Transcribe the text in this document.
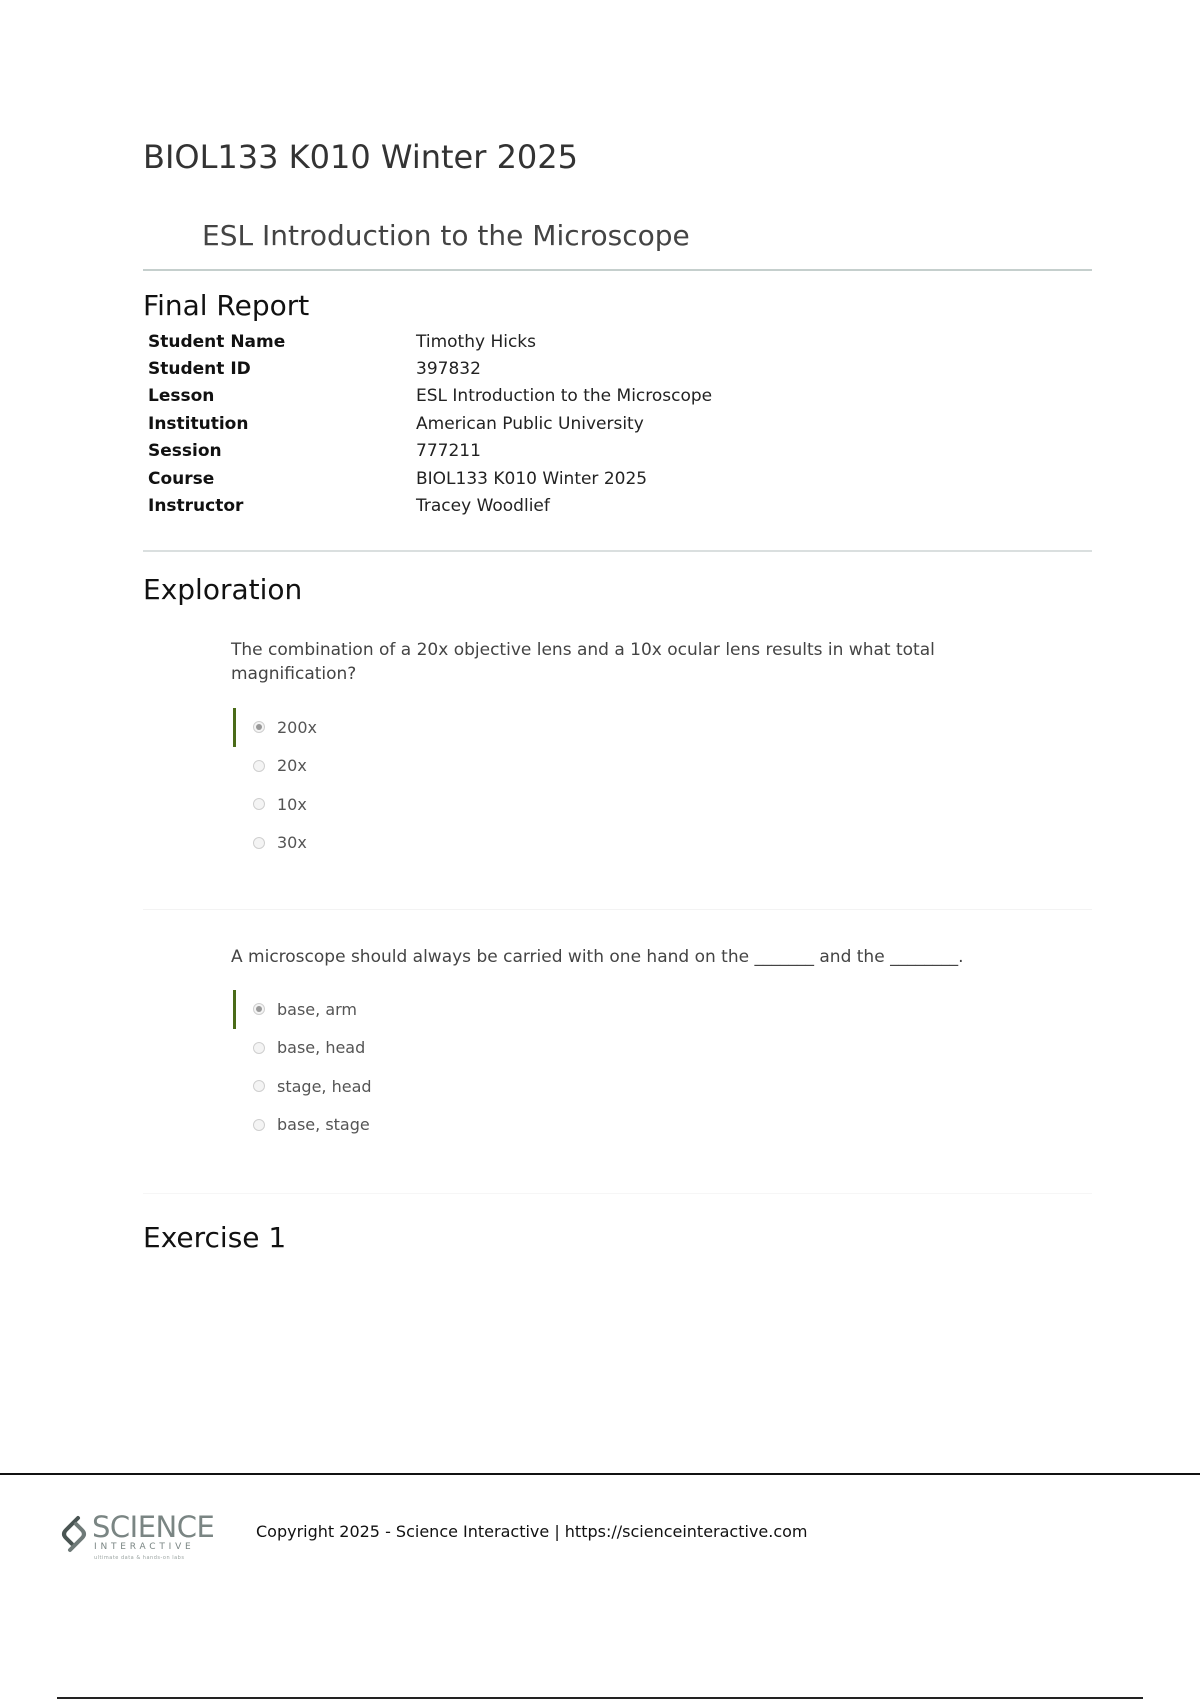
BIOL133 K010 Winter 2025
ESL Introduction to the Microscope
Final Report
Student Name	Timothy Hicks
Student ID	397832
Lesson	ESL Introduction to the Microscope
Institution	American Public University
Session	777211
Course	BIOL133 K010 Winter 2025
Instructor	Tracey Woodlief
Exploration

The combination of a 20x objective lens and a 10x ocular lens results in what total magnification?

200x
20x
10x
30x

A microscope should always be carried with one hand on the _______ and the ________.

base, arm
base, head
stage, head
base, stage
Exercise 1
SCIENCE
INTERACTIVE
ultimate data & hands-on labs
Copyright 2025 - Science Interactive | https://scienceinteractive.com
